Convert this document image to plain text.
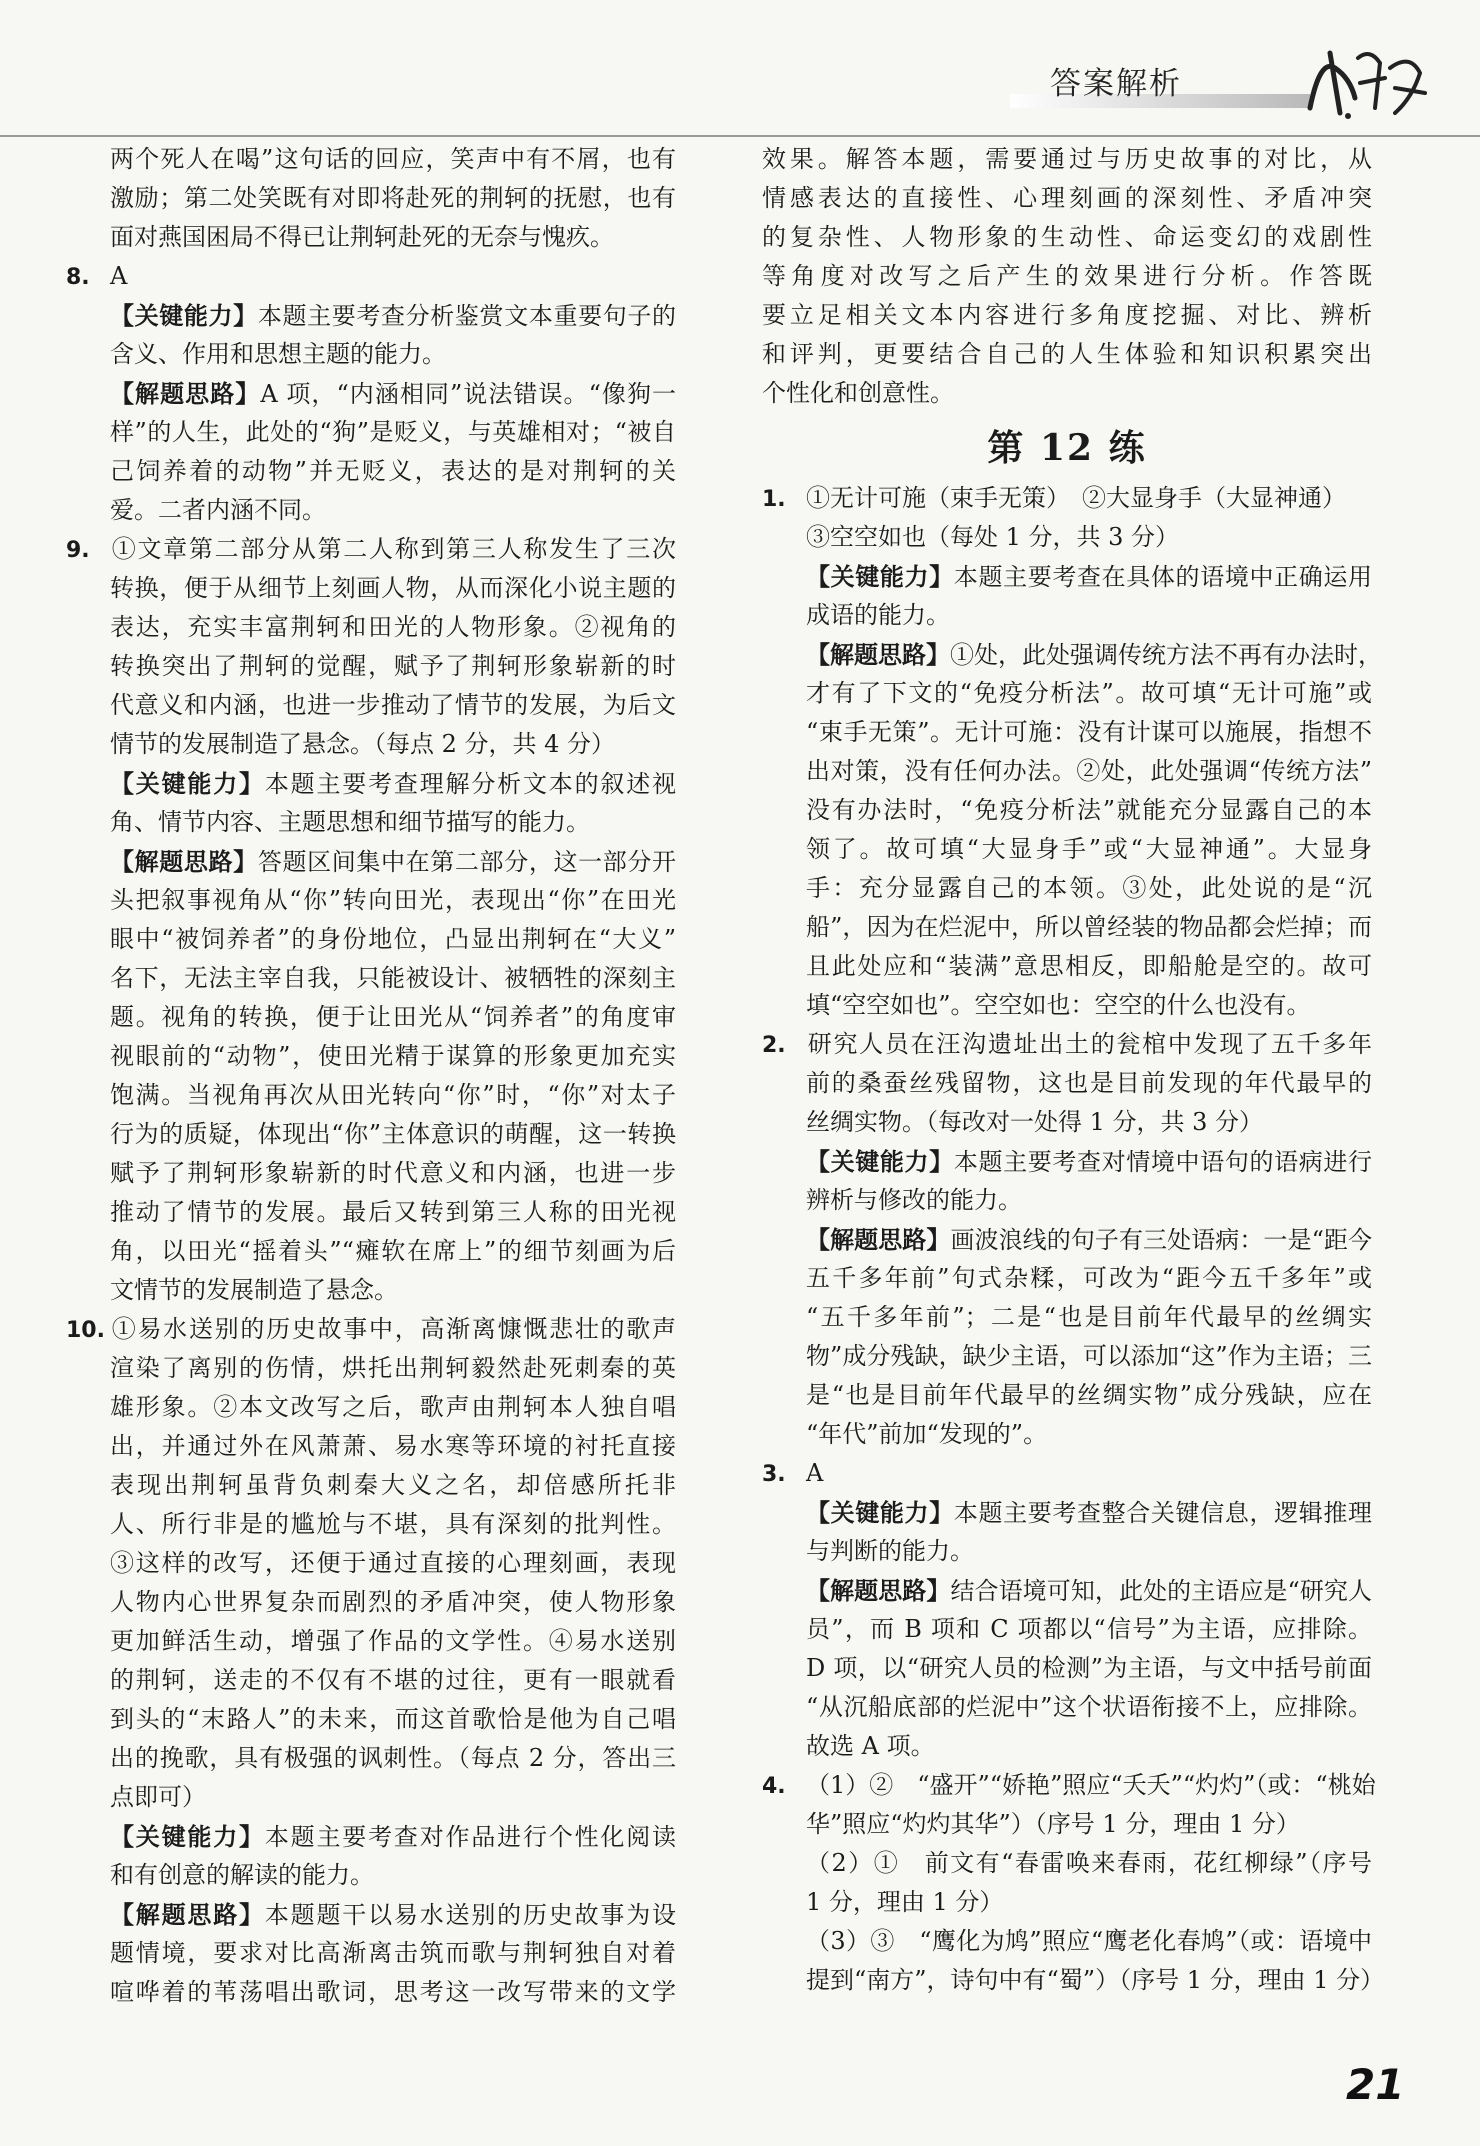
答案解析
两个死人在喝”这句话的回应，笑声中有不屑，也有
激励；第二处笑既有对即将赴死的荆轲的抚慰，也有
面对燕国困局不得已让荆轲赴死的无奈与愧疚。
8. A
【关键能力】本题主要考查分析鉴赏文本重要句子的
含义、作用和思想主题的能力。
【解题思路】A 项，“内涵相同”说法错误。“像狗一
样”的人生，此处的“狗”是贬义，与英雄相对；“被自
己饲养着的动物”并无贬义，表达的是对荆轲的关
爱。二者内涵不同。
9. ①文章第二部分从第二人称到第三人称发生了三次
转换，便于从细节上刻画人物，从而深化小说主题的
表达，充实丰富荆轲和田光的人物形象。②视角的
转换突出了荆轲的觉醒，赋予了荆轲形象崭新的时
代意义和内涵，也进一步推动了情节的发展，为后文
情节的发展制造了悬念。（每点 2 分，共 4 分）
【关键能力】本题主要考查理解分析文本的叙述视
角、情节内容、主题思想和细节描写的能力。
【解题思路】答题区间集中在第二部分，这一部分开
头把叙事视角从“你”转向田光，表现出“你”在田光
眼中“被饲养者”的身份地位，凸显出荆轲在“大义”
名下，无法主宰自我，只能被设计、被牺牲的深刻主
题。视角的转换，便于让田光从“饲养者”的角度审
视眼前的“动物”，使田光精于谋算的形象更加充实
饱满。当视角再次从田光转向“你”时，“你”对太子
行为的质疑，体现出“你”主体意识的萌醒，这一转换
赋予了荆轲形象崭新的时代意义和内涵，也进一步
推动了情节的发展。最后又转到第三人称的田光视
角，以田光“摇着头”“瘫软在席上”的细节刻画为后
文情节的发展制造了悬念。
10. ①易水送别的历史故事中，高渐离慷慨悲壮的歌声
渲染了离别的伤情，烘托出荆轲毅然赴死刺秦的英
雄形象。②本文改写之后，歌声由荆轲本人独自唱
出，并通过外在风萧萧、易水寒等环境的衬托直接
表现出荆轲虽背负刺秦大义之名，却倍感所托非
人、所行非是的尴尬与不堪，具有深刻的批判性。
③这样的改写，还便于通过直接的心理刻画，表现
人物内心世界复杂而剧烈的矛盾冲突，使人物形象
更加鲜活生动，增强了作品的文学性。④易水送别
的荆轲，送走的不仅有不堪的过往，更有一眼就看
到头的“末路人”的未来，而这首歌恰是他为自己唱
出的挽歌，具有极强的讽刺性。（每点 2 分，答出三
点即可）
【关键能力】本题主要考查对作品进行个性化阅读
和有创意的解读的能力。
【解题思路】本题题干以易水送别的历史故事为设
题情境，要求对比高渐离击筑而歌与荆轲独自对着
喧哗着的苇荡唱出歌词，思考这一改写带来的文学
效果。解答本题，需要通过与历史故事的对比，从
情感表达的直接性、心理刻画的深刻性、矛盾冲突
的复杂性、人物形象的生动性、命运变幻的戏剧性
等角度对改写之后产生的效果进行分析。作答既
要立足相关文本内容进行多角度挖掘、对比、辨析
和评判，更要结合自己的人生体验和知识积累突出
个性化和创意性。
第 12 练
1. ①无计可施（束手无策）　②大显身手（大显神通）
③空空如也（每处 1 分，共 3 分）
【关键能力】本题主要考查在具体的语境中正确运用
成语的能力。
【解题思路】①处，此处强调传统方法不再有办法时，
才有了下文的“免疫分析法”。故可填“无计可施”或
“束手无策”。无计可施：没有计谋可以施展，指想不
出对策，没有任何办法。②处，此处强调“传统方法”
没有办法时，“免疫分析法”就能充分显露自己的本
领了。故可填“大显身手”或“大显神通”。大显身
手：充分显露自己的本领。③处，此处说的是“沉
船”，因为在烂泥中，所以曾经装的物品都会烂掉；而
且此处应和“装满”意思相反，即船舱是空的。故可
填“空空如也”。空空如也：空空的什么也没有。
2. 研究人员在汪沟遗址出土的瓮棺中发现了五千多年
前的桑蚕丝残留物，这也是目前发现的年代最早的
丝绸实物。（每改对一处得 1 分，共 3 分）
【关键能力】本题主要考查对情境中语句的语病进行
辨析与修改的能力。
【解题思路】画波浪线的句子有三处语病：一是“距今
五千多年前”句式杂糅，可改为“距今五千多年”或
“五千多年前”；二是“也是目前年代最早的丝绸实
物”成分残缺，缺少主语，可以添加“这”作为主语；三
是“也是目前年代最早的丝绸实物”成分残缺，应在
“年代”前加“发现的”。
3. A
【关键能力】本题主要考查整合关键信息，逻辑推理
与判断的能力。
【解题思路】结合语境可知，此处的主语应是“研究人
员”，而 B 项和 C 项都以“信号”为主语，应排除。
D 项，以“研究人员的检测”为主语，与文中括号前面
“从沉船底部的烂泥中”这个状语衔接不上，应排除。
故选 A 项。
4. （1）②　“盛开”“娇艳”照应“夭夭”“灼灼”（或：“桃始
华”照应“灼灼其华”）（序号 1 分，理由 1 分）
（2）①　前文有“春雷唤来春雨，花红柳绿”（序号
1 分，理由 1 分）
（3）③　“鹰化为鸠”照应“鹰老化春鸠”（或：语境中
提到“南方”，诗句中有“蜀”）（序号 1 分，理由 1 分）
21
